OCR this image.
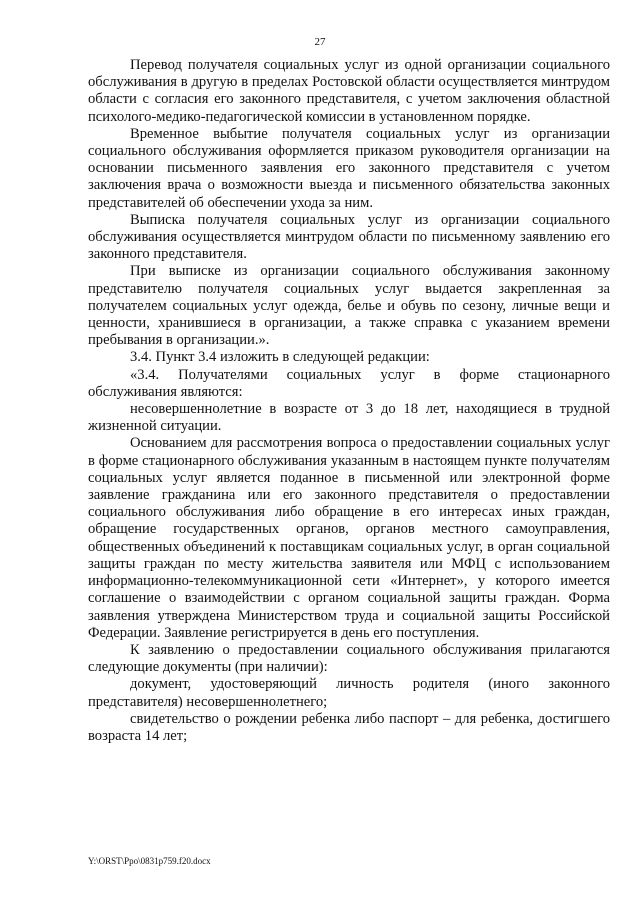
27

Перевод получателя социальных услуг из одной организации социального обслуживания в другую в пределах Ростовской области осуществляется минтрудом области с согласия его законного представителя, с учетом заключения областной психолого-медико-педагогической комиссии в установленном порядке.

Временное выбытие получателя социальных услуг из организации социального обслуживания оформляется приказом руководителя организации на основании письменного заявления его законного представителя с учетом заключения врача о возможности выезда и письменного обязательства законных представителей об обеспечении ухода за ним.

Выписка получателя социальных услуг из организации социального обслуживания осуществляется минтрудом области по письменному заявлению его законного представителя.

При выписке из организации социального обслуживания законному представителю получателя социальных услуг выдается закрепленная за получателем социальных услуг одежда, белье и обувь по сезону, личные вещи и ценности, хранившиеся в организации, а также справка с указанием времени пребывания в организации.».

3.4. Пункт 3.4 изложить в следующей редакции:

«3.4. Получателями социальных услуг в форме стационарного обслуживания являются:

несовершеннолетние в возрасте от 3 до 18 лет, находящиеся в трудной жизненной ситуации.

Основанием для рассмотрения вопроса о предоставлении социальных услуг в форме стационарного обслуживания указанным в настоящем пункте получателям социальных услуг является поданное в письменной или электронной форме заявление гражданина или его законного представителя о предоставлении социального обслуживания либо обращение в его интересах иных граждан, обращение государственных органов, органов местного самоуправления, общественных объединений к поставщикам социальных услуг, в орган социальной защиты граждан по месту жительства заявителя или МФЦ с использованием информационно-телекоммуникационной сети «Интернет», у которого имеется соглашение о взаимодействии с органом социальной защиты граждан. Форма заявления утверждена Министерством труда и социальной защиты Российской Федерации. Заявление регистрируется в день его поступления.

К заявлению о предоставлении социального обслуживания прилагаются следующие документы (при наличии):

документ, удостоверяющий личность родителя (иного законного представителя) несовершеннолетнего;

свидетельство о рождении ребенка либо паспорт – для ребенка, достигшего возраста 14 лет;

Y:\ORST\Ppo\0831p759.f20.docx
